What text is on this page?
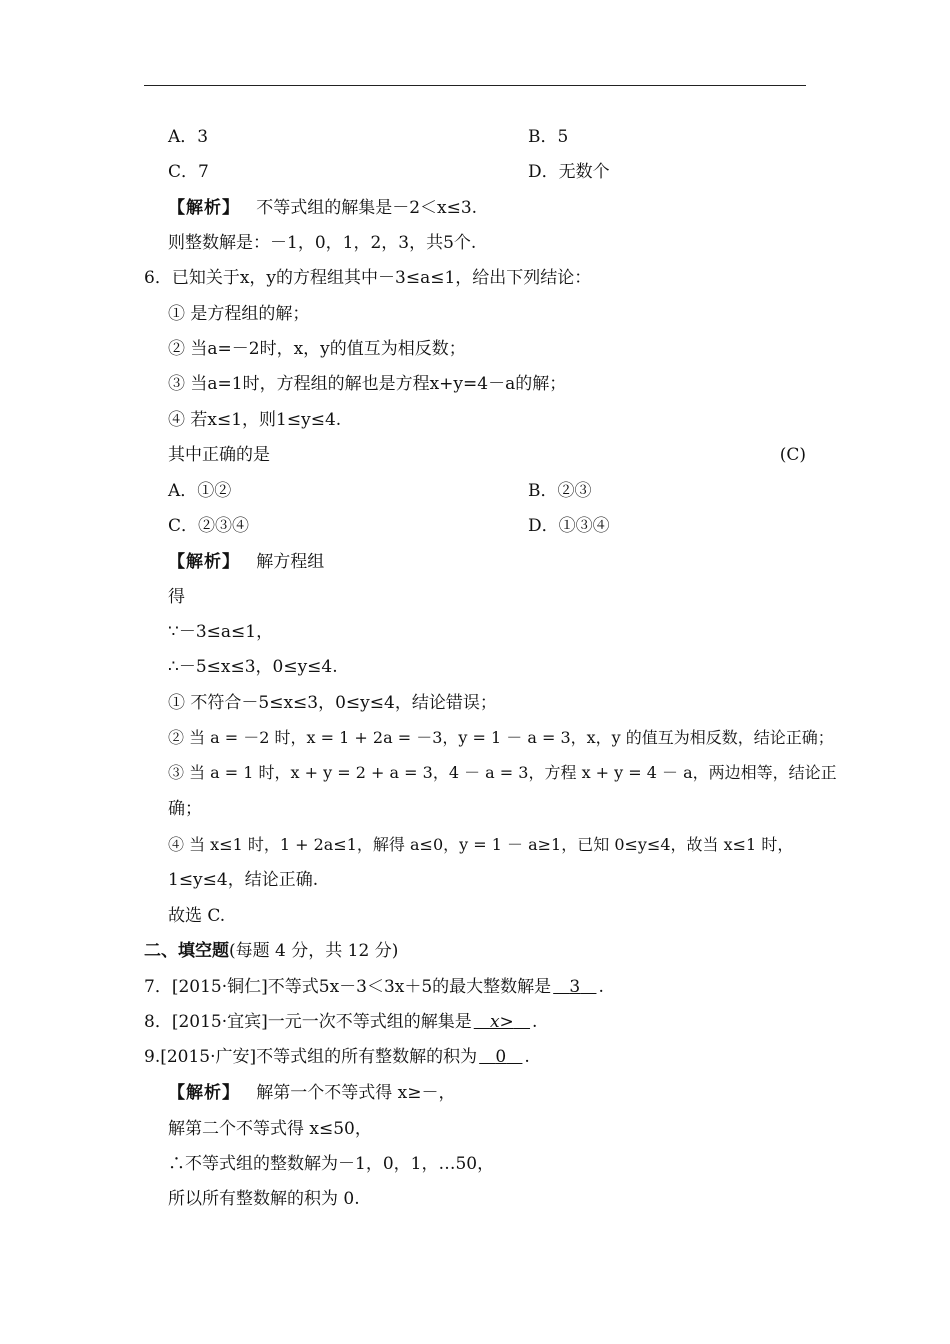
A．3	B．5
C．7	D．无数个
【解析】 不等式组的解集是－2＜x≤3.
则整数解是：－1，0，1，2，3，共5个.
6．已知关于x，y的方程组其中－3≤a≤1，给出下列结论：
① 是方程组的解；
② 当a=－2时，x，y的值互为相反数；
③ 当a=1时，方程组的解也是方程x+y=4－a的解；
④ 若x≤1，则1≤y≤4.
其中正确的是	(C)
A．①②	B．②③
C．②③④	D．①③④
【解析】 解方程组
得
∵－3≤a≤1，
∴－5≤x≤3，0≤y≤4.
① 不符合－5≤x≤3，0≤y≤4，结论错误；
② 当 a = －2 时，x = 1 + 2a = －3，y = 1 － a = 3，x，y 的值互为相反数，结论正确；
③ 当 a = 1 时，x + y = 2 + a = 3，4 － a = 3，方程 x + y = 4 － a，两边相等，结论正
确；
④ 当 x≤1 时，1 + 2a≤1，解得 a≤0，y = 1 － a≥1，已知 0≤y≤4，故当 x≤1 时，
1≤y≤4，结论正确.
故选 C.
二、填空题(每题 4 分，共 12 分)
7．[2015·铜仁]不等式5x－3＜3x＋5的最大整数解是 3 .
8．[2015·宜宾]一元一次不等式组的解集是 x> .
9.[2015·广安]不等式组的所有整数解的积为 0 .
【解析】 解第一个不等式得 x≥－，
解第二个不等式得 x≤50，
∴不等式组的整数解为－1，0，1，…50，
所以所有整数解的积为 0.
